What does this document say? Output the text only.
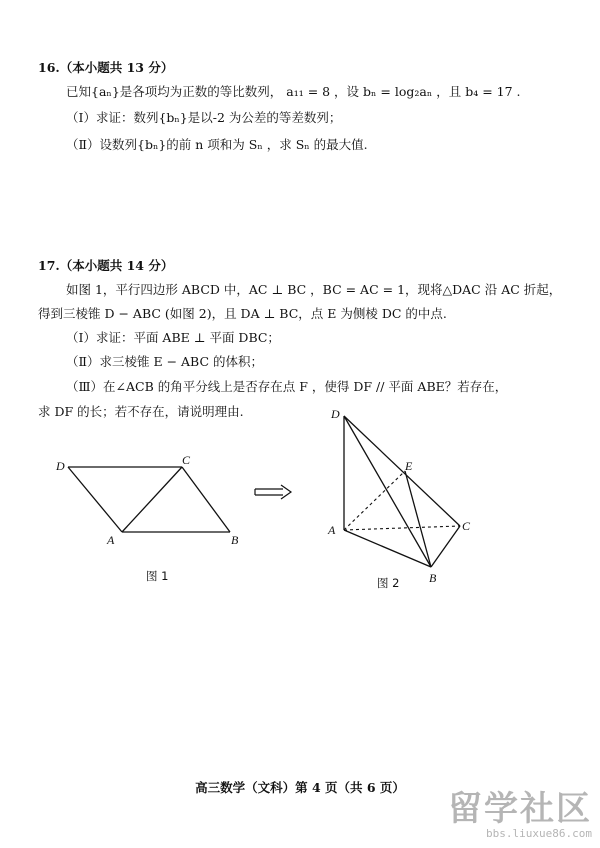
16.（本小题共 13 分）
已知{aₙ}是各项均为正数的等比数列， a₁₁ = 8 ，设 bₙ = log₂aₙ ，且 b₄ = 17 .
（Ⅰ）求证：数列{bₙ}是以-2 为公差的等差数列；
（Ⅱ）设数列{bₙ}的前 n 项和为 Sₙ ，求 Sₙ 的最大值.
17.（本小题共 14 分）
如图 1，平行四边形 ABCD 中，AC ⊥ BC ，BC = AC = 1，现将△DAC 沿 AC 折起，
得到三棱锥 D − ABC (如图 2)，且 DA ⊥ BC，点 E 为侧棱 DC 的中点.
（Ⅰ）求证：平面 ABE ⊥ 平面 DBC；
（Ⅱ）求三棱锥 E − ABC 的体积；
（Ⅲ）在∠ACB 的角平分线上是否存在点 F ，使得 DF // 平面 ABE？若存在，
求 DF 的长；若不存在，请说明理由.
D	C
A	B
图 1
D
E
A	C
B
图 2
高三数学（文科）第 4 页（共 6 页）
留学社区
bbs.liuxue86.com
